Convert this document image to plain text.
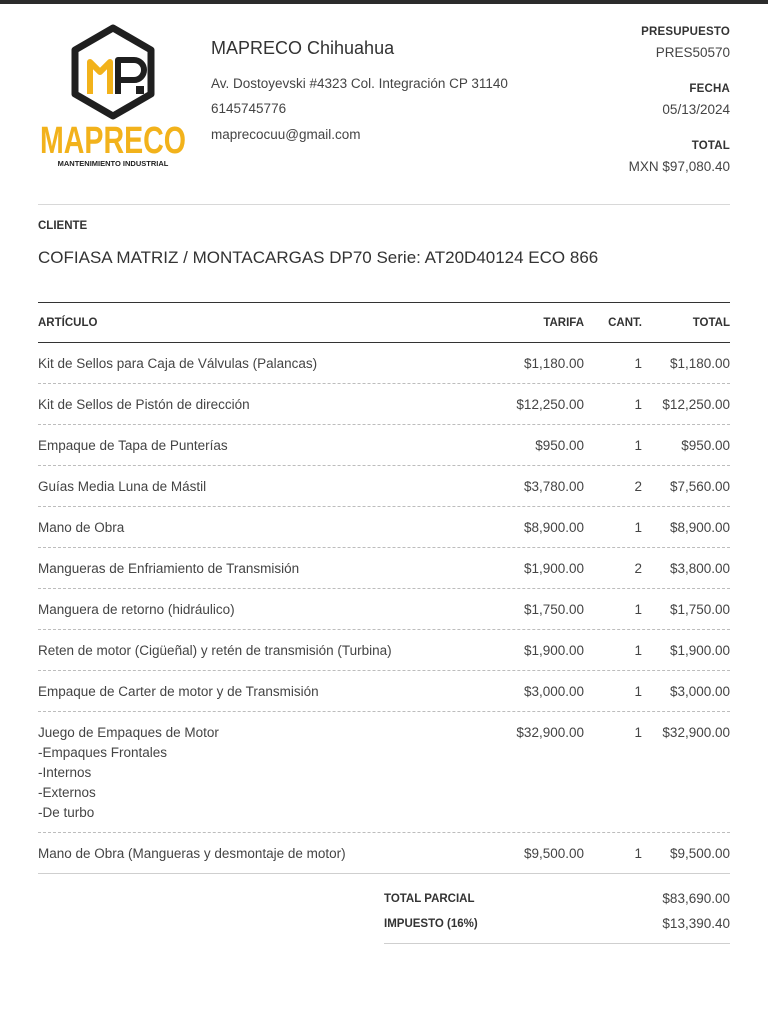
MAPRECO
MANTENIMIENTO INDUSTRIAL
MAPRECO Chihuahua
Av. Dostoyevski #4323 Col. Integración CP 31140
6145745776
maprecocuu@gmail.com
PRESUPUESTO
PRES50570
FECHA
05/13/2024
TOTAL
MXN $97,080.40
CLIENTE
COFIASA MATRIZ / MONTACARGAS DP70 Serie: AT20D40124 ECO 866
ARTÍCULO	TARIFA	CANT.	TOTAL
Kit de Sellos para Caja de Válvulas (Palancas)	$1,180.00	1	$1,180.00
Kit de Sellos de Pistón de dirección	$12,250.00	1	$12,250.00
Empaque de Tapa de Punterías	$950.00	1	$950.00
Guías Media Luna de Mástil	$3,780.00	2	$7,560.00
Mano de Obra	$8,900.00	1	$8,900.00
Mangueras de Enfriamiento de Transmisión	$1,900.00	2	$3,800.00
Manguera de retorno (hidráulico)	$1,750.00	1	$1,750.00
Reten de motor (Cigüeñal) y retén de transmisión (Turbina)	$1,900.00	1	$1,900.00
Empaque de Carter de motor y de Transmisión	$3,000.00	1	$3,000.00
Juego de Empaques de Motor
-Empaques Frontales
-Internos
-Externos
-De turbo
$32,900.00	1	$32,900.00
Mano de Obra (Mangueras y desmontaje de motor)	$9,500.00	1	$9,500.00
TOTAL PARCIAL	$83,690.00
IMPUESTO (16%)	$13,390.40
